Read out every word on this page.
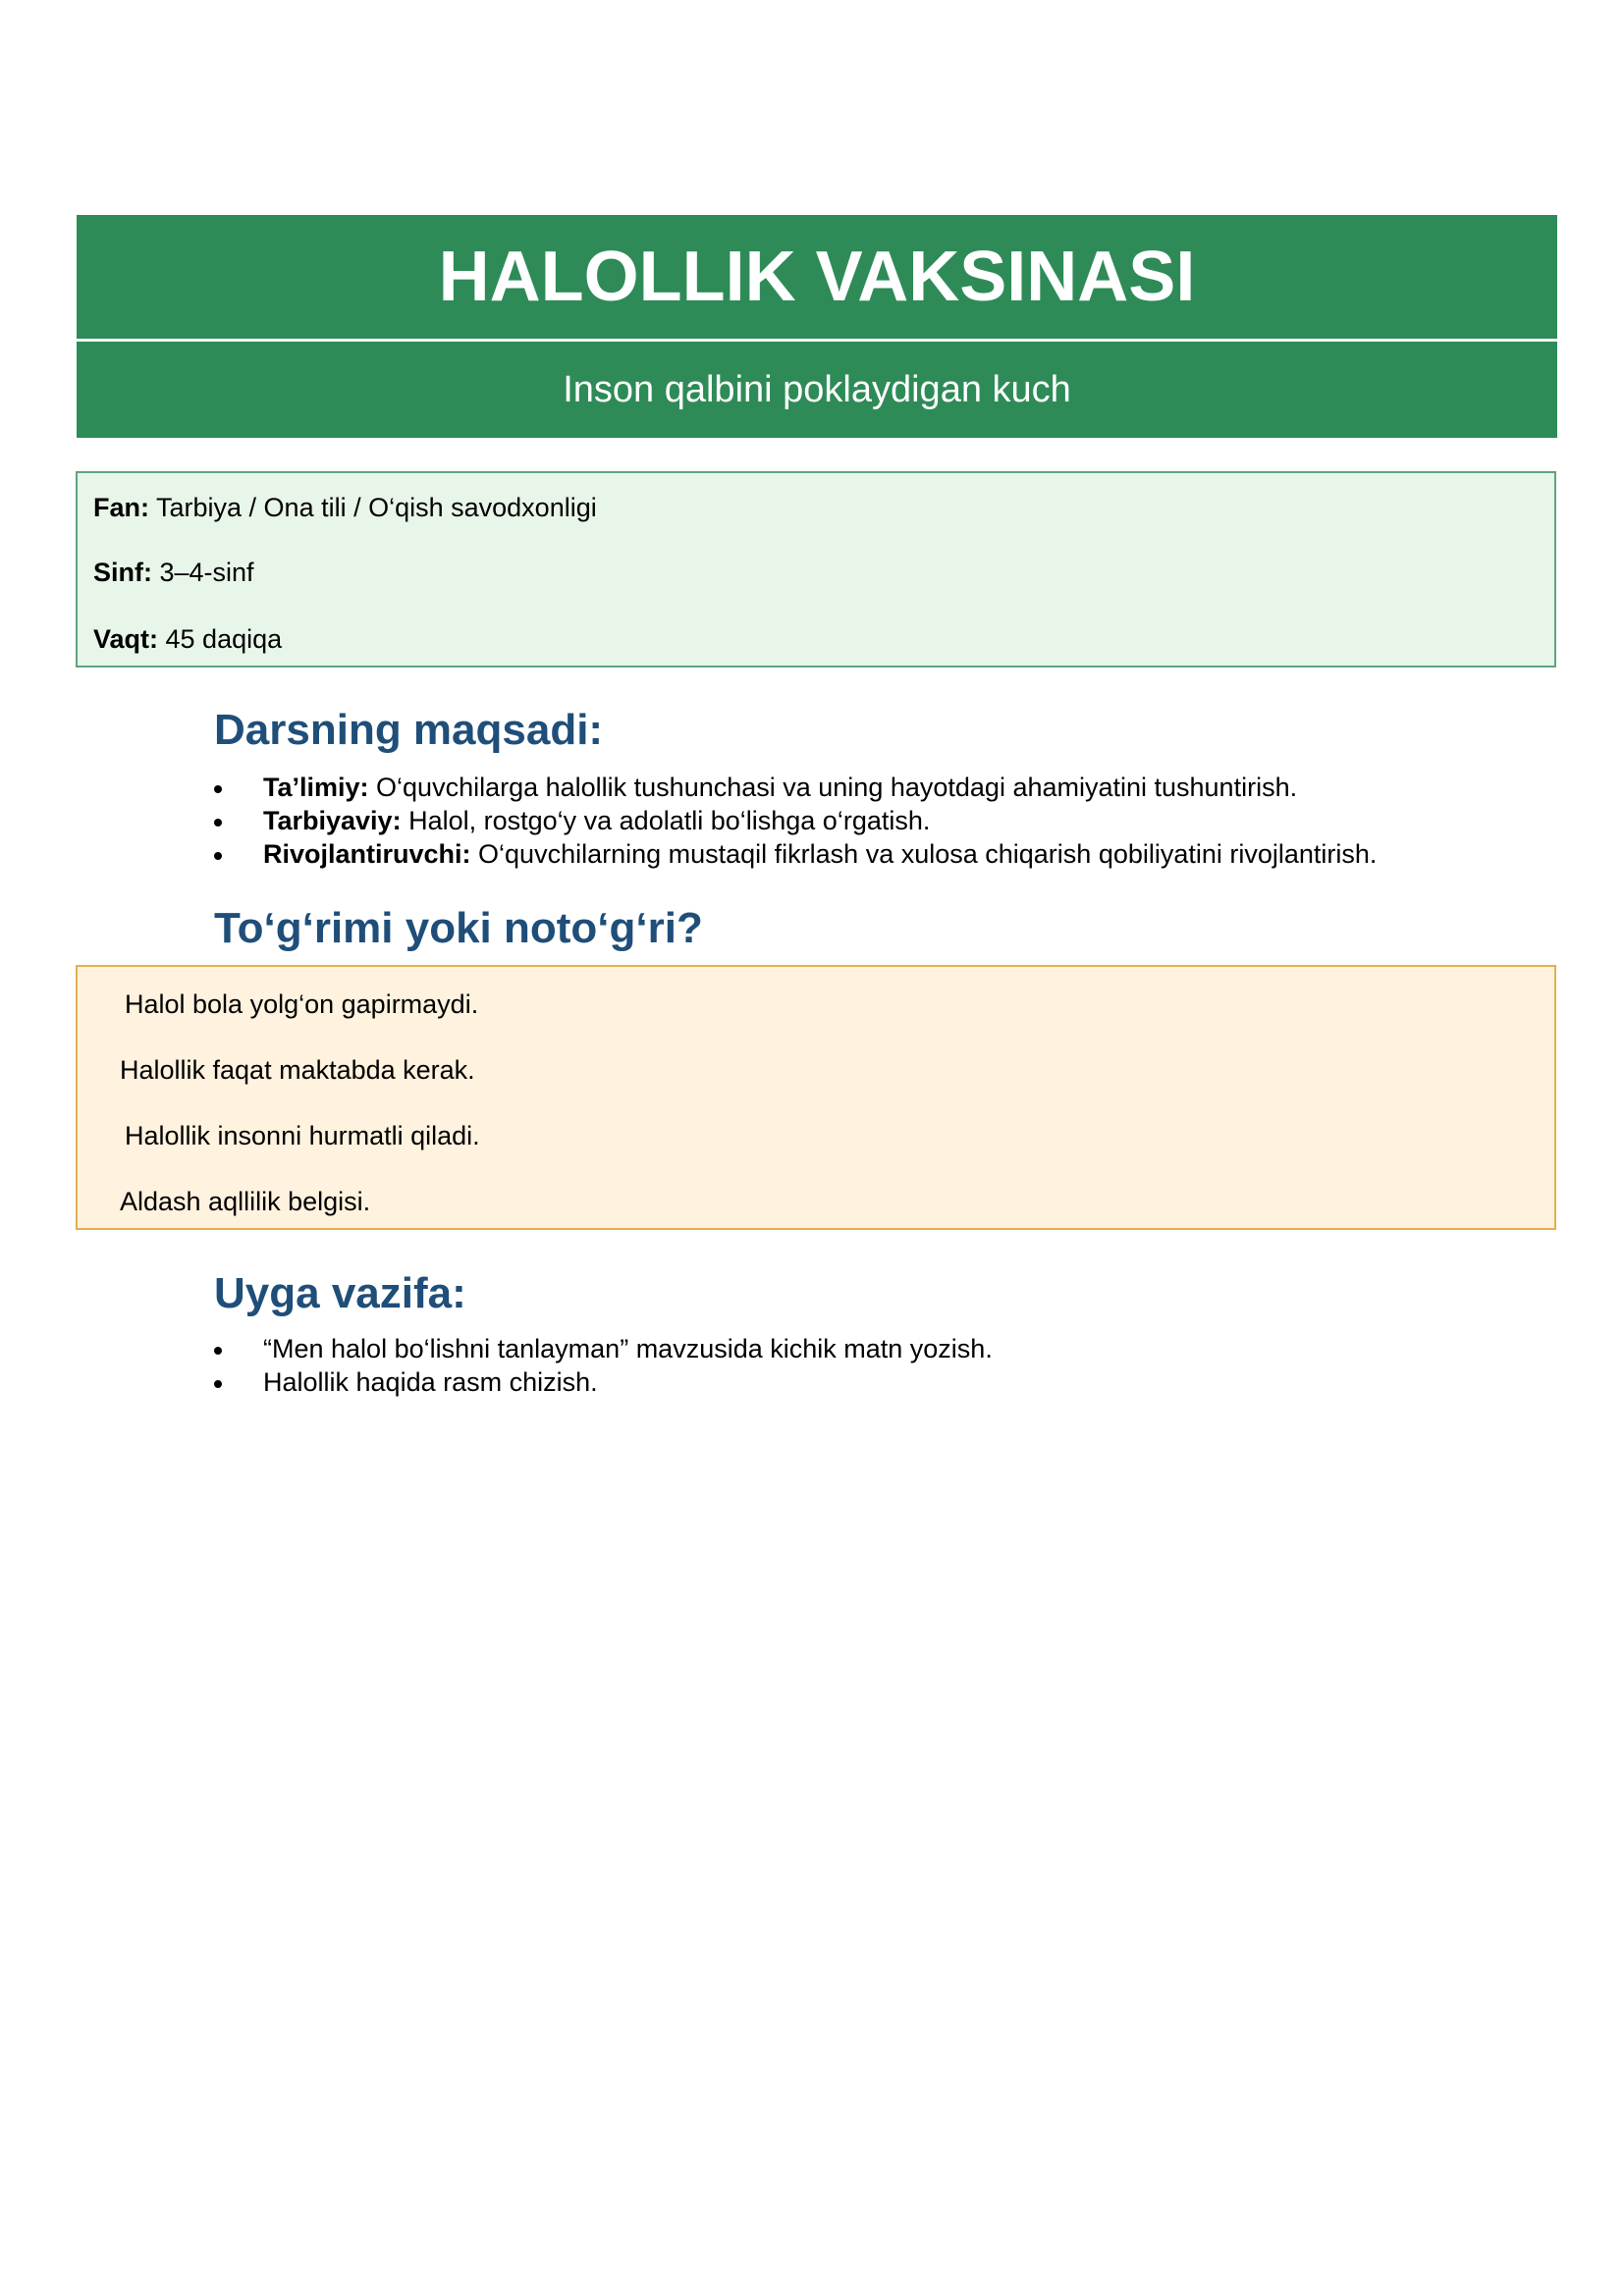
HALOLLIK VAKSINASI
Inson qalbini poklaydigan kuch
Fan: Tarbiya / Ona tili / O‘qish savodxonligi
Sinf: 3–4-sinf
Vaqt: 45 daqiqa
Darsning maqsadi:
Ta’limiy: O‘quvchilarga halollik tushunchasi va uning hayotdagi ahamiyatini tushuntirish.
Tarbiyaviy: Halol, rostgo‘y va adolatli bo‘lishga o‘rgatish.
Rivojlantiruvchi: O‘quvchilarning mustaqil fikrlash va xulosa chiqarish qobiliyatini rivojlantirish.
To‘g‘rimi yoki noto‘g‘ri?
Halol bola yolg‘on gapirmaydi.
Halollik faqat maktabda kerak.
Halollik insonni hurmatli qiladi.
Aldash aqllilik belgisi.
Uyga vazifa:
“Men halol bo‘lishni tanlayman” mavzusida kichik matn yozish.
Halollik haqida rasm chizish.
